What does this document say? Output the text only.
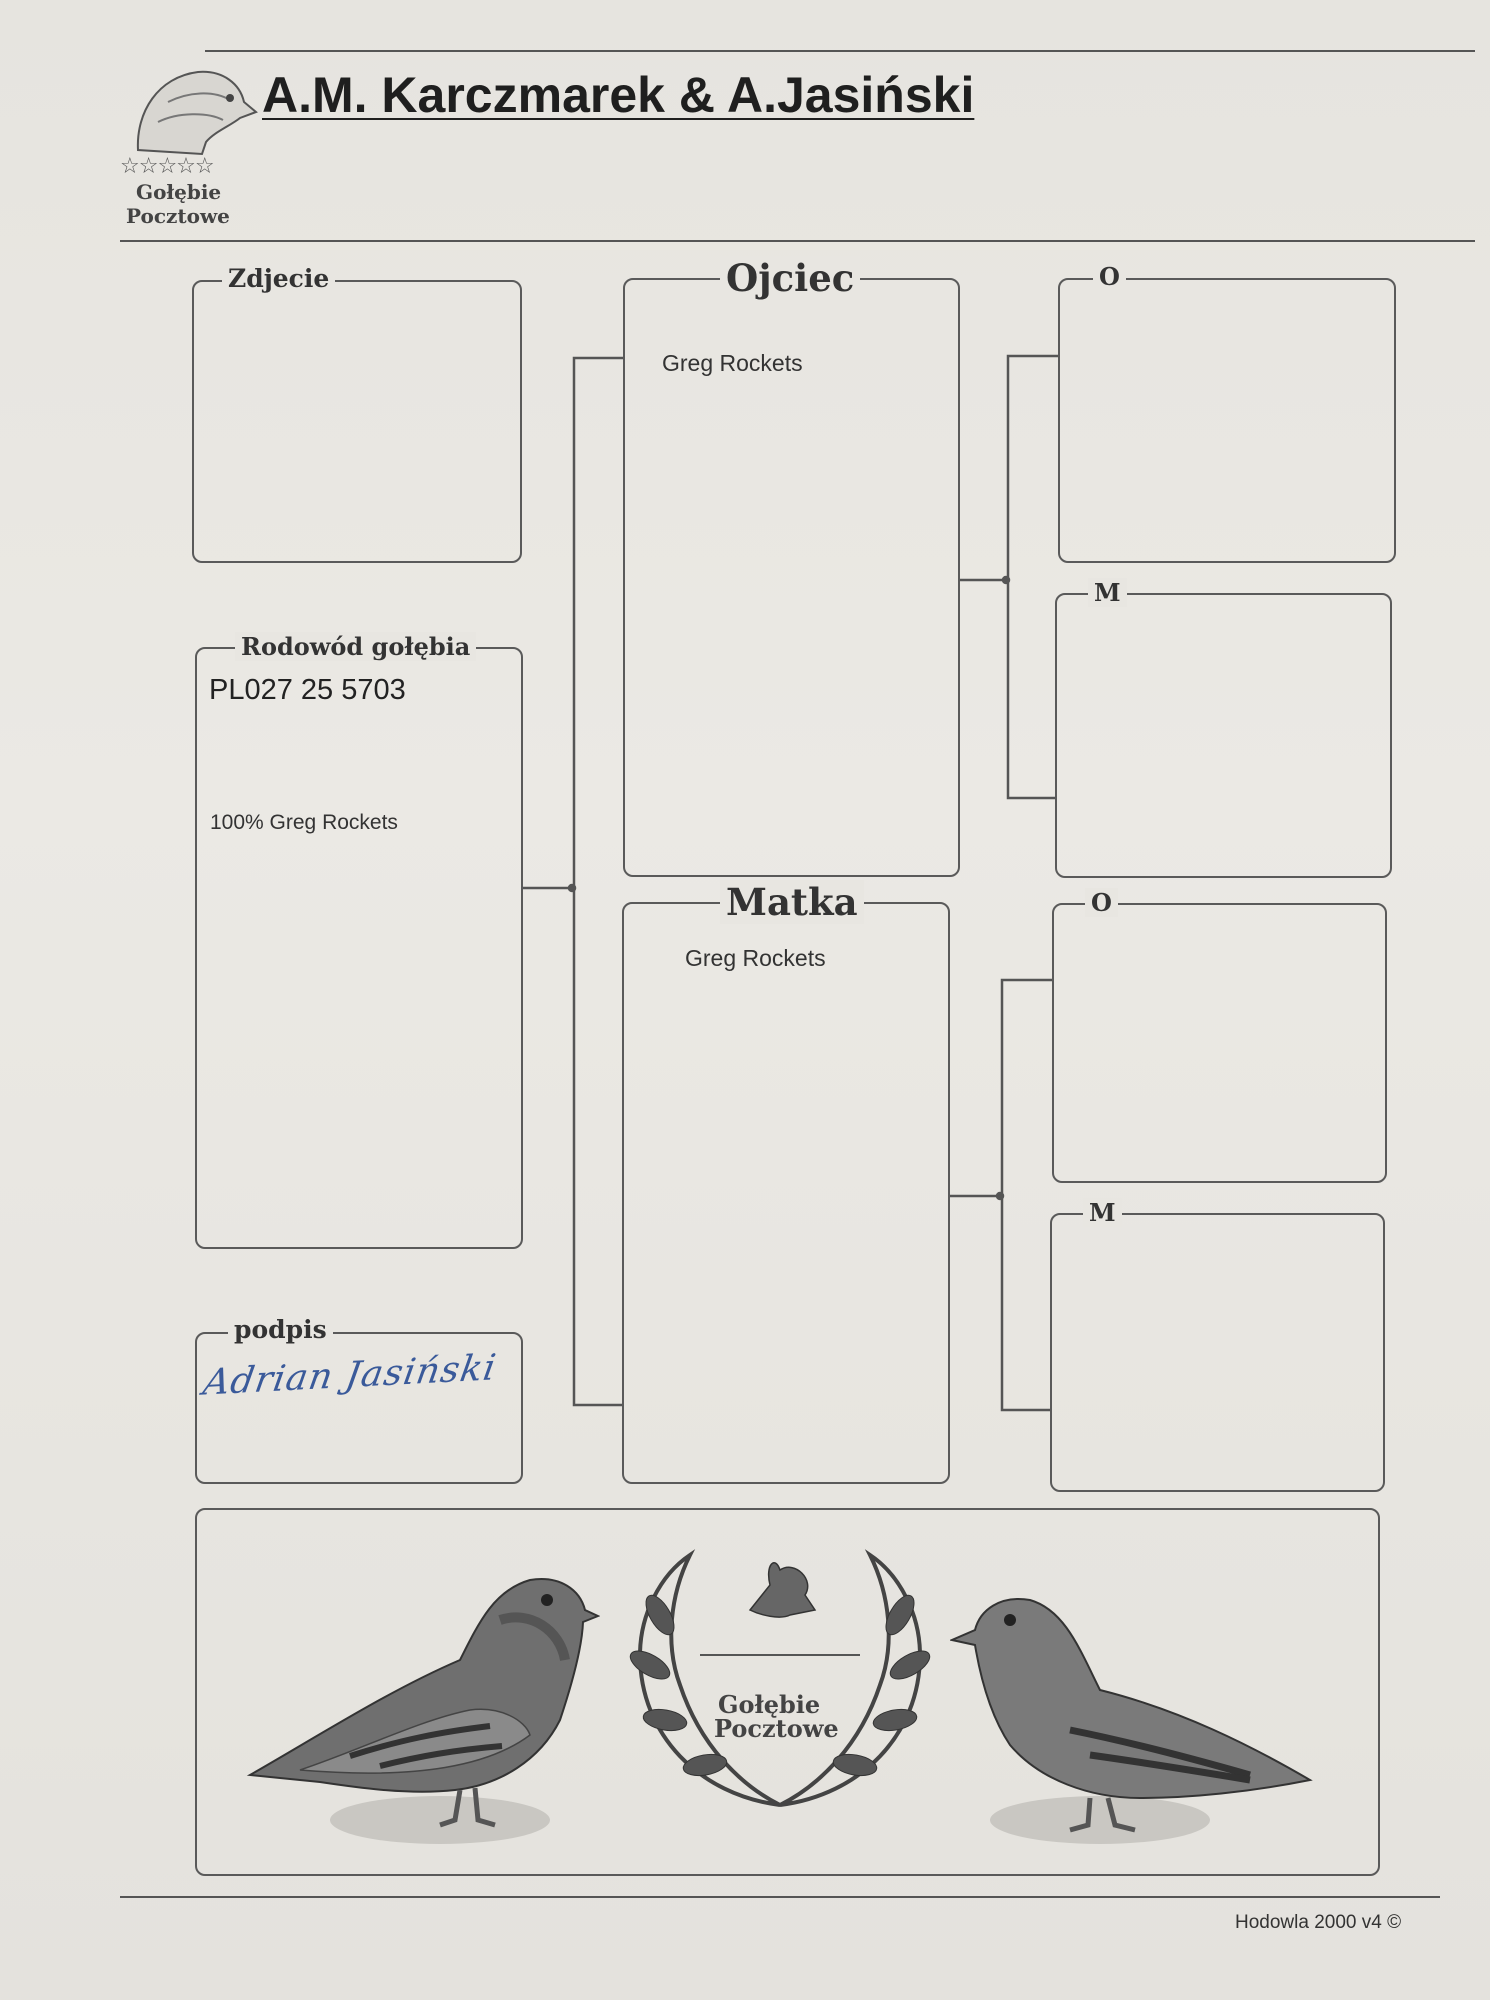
☆☆☆☆☆
Gołębie
Pocztowe
A.M. Karczmarek & A.Jasiński
Zdjecie
Rodowód gołębia
PL027 25 5703
100% Greg Rockets
podpis
Adrian Jasiński
Ojciec
Greg Rockets
Matka
Greg Rockets
O
M
O
M
Gołębie
Pocztowe
Hodowla 2000 v4 ©
